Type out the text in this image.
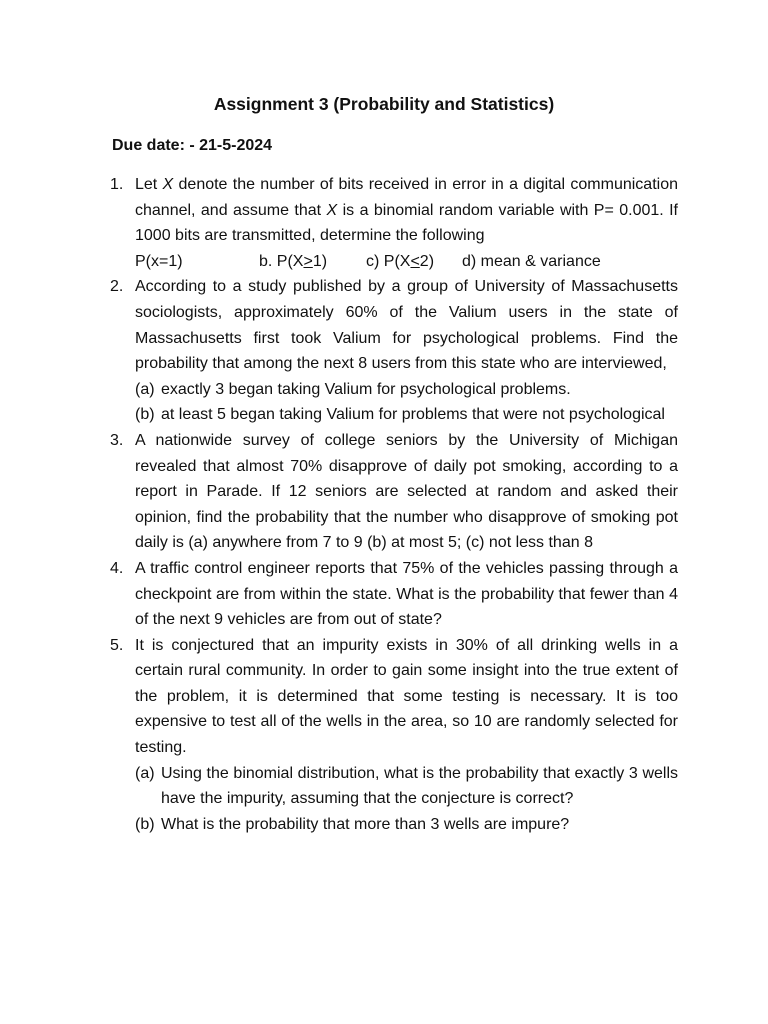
Assignment 3 (Probability and Statistics)
Due date: - 21-5-2024
1. Let X denote the number of bits received in error in a digital communication channel, and assume that X is a binomial random variable with P= 0.001. If 1000 bits are transmitted, determine the following
P(x=1)	b. P(X≥1) c) P(X≤2) d) mean & variance
2. According to a study published by a group of University of Massachusetts sociologists, approximately 60% of the Valium users in the state of Massachusetts first took Valium for psychological problems. Find the probability that among the next 8 users from this state who are interviewed,
(a) exactly 3 began taking Valium for psychological problems.
(b) at least 5 began taking Valium for problems that were not psychological
3. A nationwide survey of college seniors by the University of Michigan revealed that almost 70% disapprove of daily pot smoking, according to a report in Parade. If 12 seniors are selected at random and asked their opinion, find the probability that the number who disapprove of smoking pot daily is (a) anywhere from 7 to 9 (b) at most 5; (c) not less than 8
4. A traffic control engineer reports that 75% of the vehicles passing through a checkpoint are from within the state. What is the probability that fewer than 4 of the next 9 vehicles are from out of state?
5. It is conjectured that an impurity exists in 30% of all drinking wells in a certain rural community. In order to gain some insight into the true extent of the problem, it is determined that some testing is necessary. It is too expensive to test all of the wells in the area, so 10 are randomly selected for testing.
(a) Using the binomial distribution, what is the probability that exactly 3 wells have the impurity, assuming that the conjecture is correct?
(b) What is the probability that more than 3 wells are impure?
